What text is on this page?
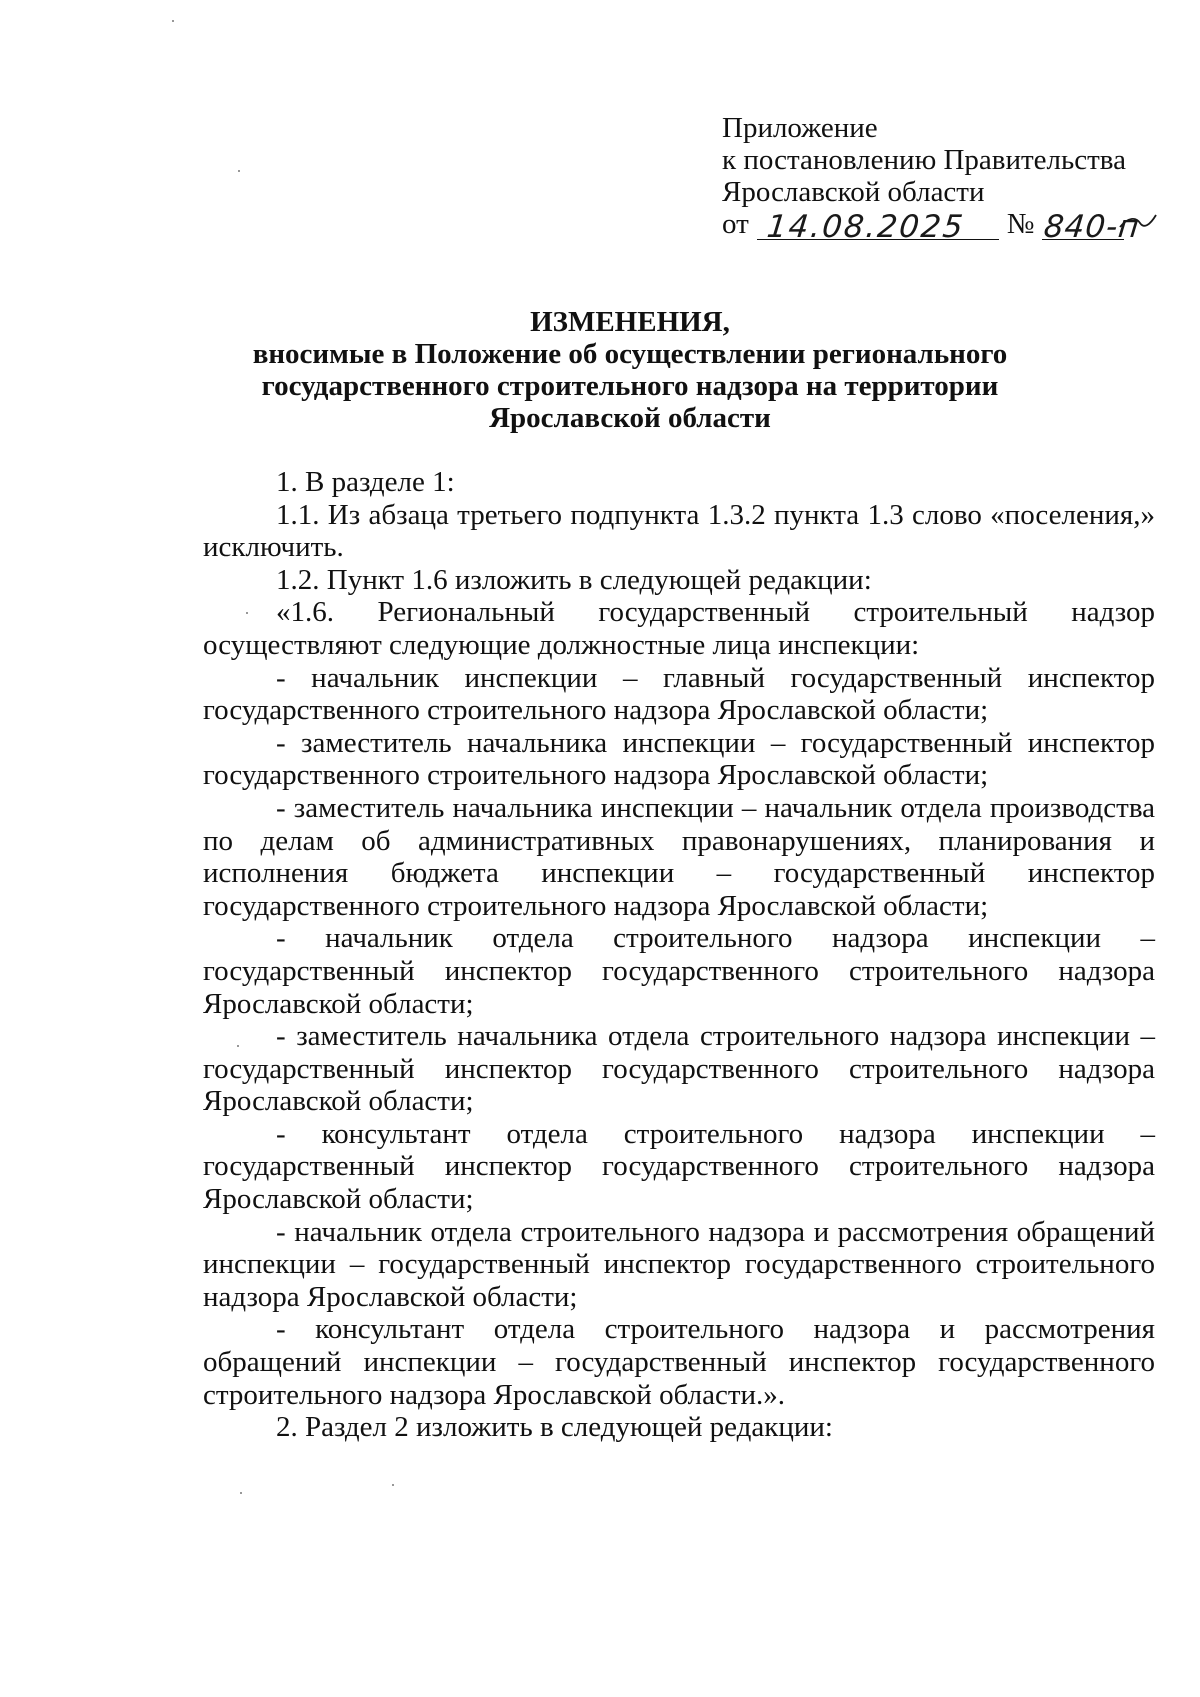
Приложение
к постановлению Правительства
Ярославской области
от 14.08.2025 № 840-п
ИЗМЕНЕНИЯ,
вносимые в Положение об осуществлении регионального
государственного строительного надзора на территории
Ярославской области

1. В разделе 1:

1.1. Из абзаца третьего подпункта 1.3.2 пункта 1.3 слово «поселения,» исключить.

1.2. Пункт 1.6 изложить в следующей редакции:

«1.6. Региональный государственный строительный надзор осуществляют следующие должностные лица инспекции:

- начальник инспекции – главный государственный инспектор государственного строительного надзора Ярославской области;

- заместитель начальника инспекции – государственный инспектор государственного строительного надзора Ярославской области;

- заместитель начальника инспекции – начальник отдела производства по делам об административных правонарушениях, планирования и исполнения бюджета инспекции – государственный инспектор государственного строительного надзора Ярославской области;

- начальник отдела строительного надзора инспекции – государственный инспектор государственного строительного надзора Ярославской области;

- заместитель начальника отдела строительного надзора инспекции – государственный инспектор государственного строительного надзора Ярославской области;

- консультант отдела строительного надзора инспекции – государственный инспектор государственного строительного надзора Ярославской области;

- начальник отдела строительного надзора и рассмотрения обращений инспекции – государственный инспектор государственного строительного надзора Ярославской области;

- консультант отдела строительного надзора и рассмотрения обращений инспекции – государственный инспектор государственного строительного надзора Ярославской области.».

2. Раздел 2 изложить в следующей редакции:
